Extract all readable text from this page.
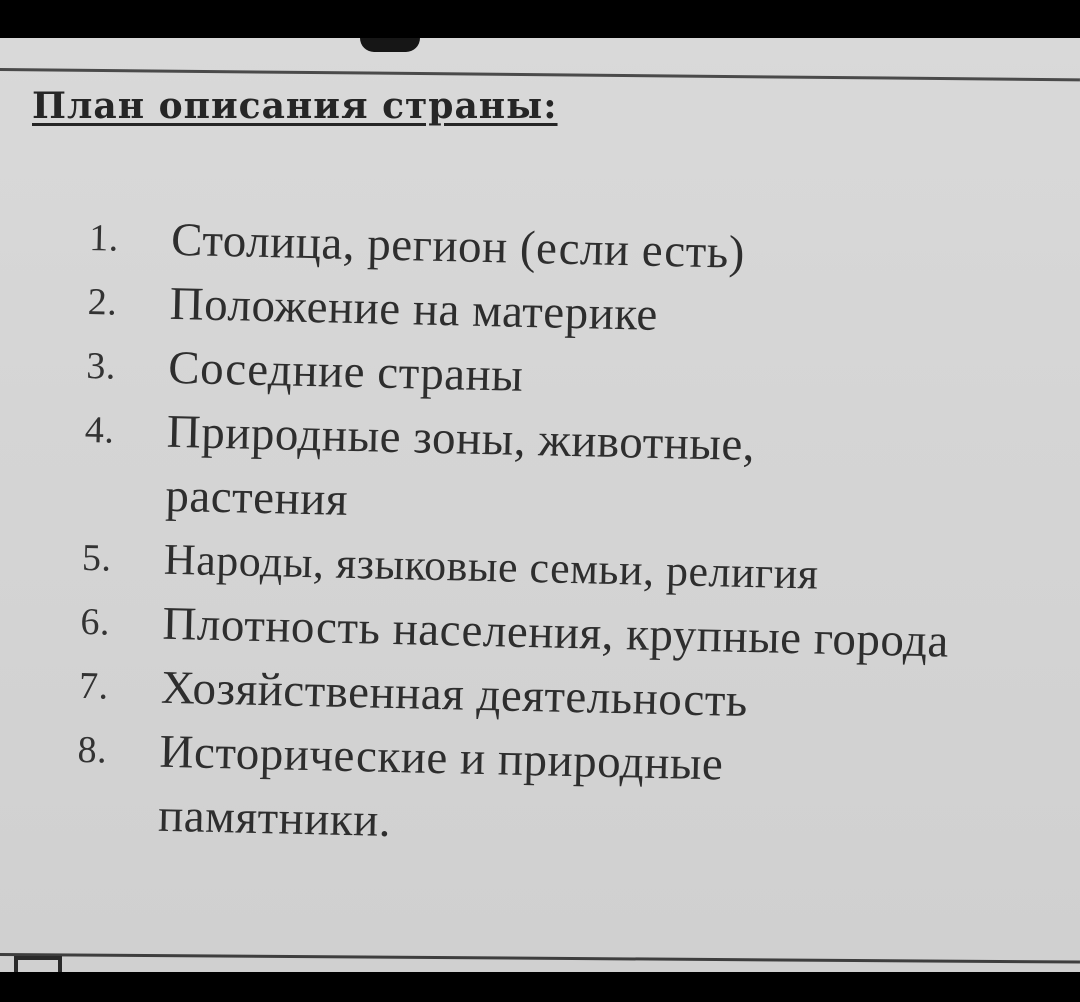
План описания страны:
1. Столица, регион (если есть)
2. Положение на материке
3. Соседние страны
4. Природные зоны, животные, растения
5. Народы, языковые семьи, религия
6. Плотность населения, крупные города
7. Хозяйственная деятельность
8. Исторические и природные памятники.
